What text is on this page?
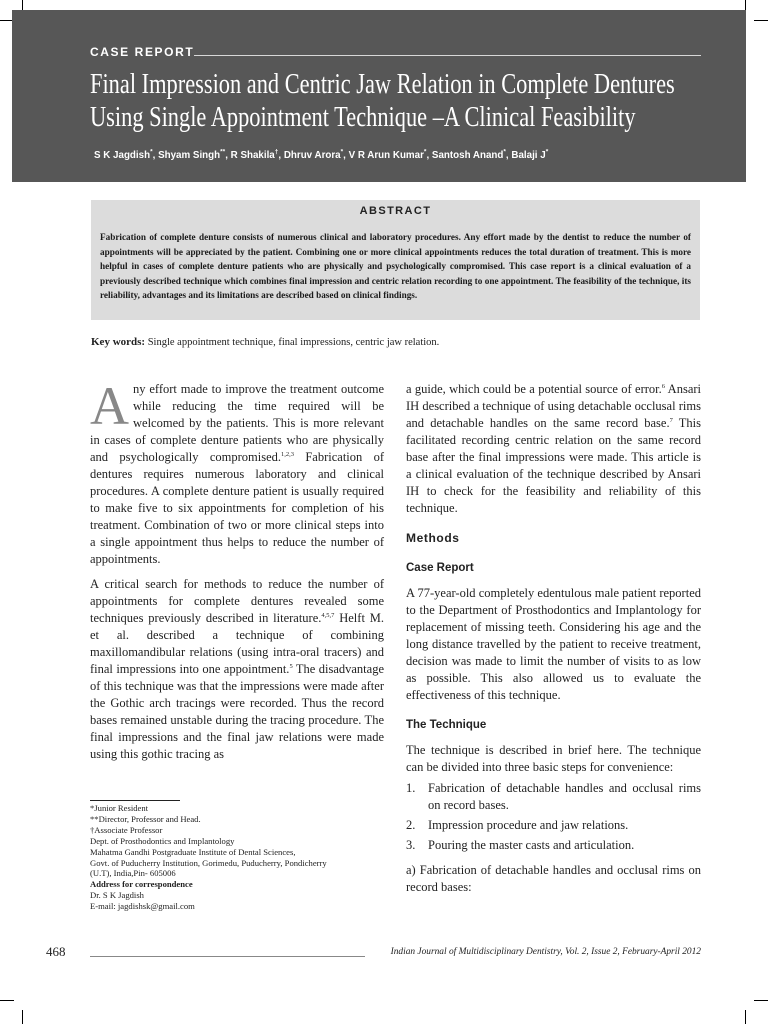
CASE REPORT
Final Impression and Centric Jaw Relation in Complete Dentures
Using Single Appointment Technique –A Clinical Feasibility
S K Jagdish*, Shyam Singh**, R Shakila†, Dhruv Arora*, V R Arun Kumar*, Santosh Anand*, Balaji J*
ABSTRACT
Fabrication of complete denture consists of numerous clinical and laboratory procedures. Any effort made by the dentist to reduce the number of appointments will be appreciated by the patient. Combining one or more clinical appointments reduces the total duration of treatment. This is more helpful in cases of complete denture patients who are physically and psychologically compromised. This case report is a clinical evaluation of a previously described technique which combines final impression and centric relation recording to one appointment. The feasibility of the technique, its reliability, advantages and its limitations are described based on clinical findings.
Key words: Single appointment technique, final impressions, centric jaw relation.

Any effort made to improve the treatment outcome while reducing the time required will be welcomed by the patients. This is more relevant in cases of complete denture patients who are physically and psychologically compromised.$^{1,2,3}$ Fabrication of dentures requires numerous laboratory and clinical procedures. A complete denture patient is usually required to make five to six appointments for completion of his treatment. Combination of two or more clinical steps into a single appointment thus helps to reduce the number of appointments.

A critical search for methods to reduce the number of appointments for complete dentures revealed some techniques previously described in literature.$^{4,5,7}$ Helft M. et al. described a technique of combining maxillomandibular relations (using intra-oral tracers) and final impressions into one appointment.$^5$ The disadvantage of this technique was that the impressions were made after the Gothic arch tracings were recorded. Thus the record bases remained unstable during the tracing procedure. The final impressions and the final jaw relations were made using this gothic tracing as

a guide, which could be a potential source of error.$^6$ Ansari IH described a technique of using detachable occlusal rims and detachable handles on the same record base.$^7$ This facilitated recording centric relation on the same record base after the final impressions were made. This article is a clinical evaluation of the technique described by Ansari IH to check for the feasibility and reliability of this technique.

Methods
Case Report

A 77-year-old completely edentulous male patient reported to the Department of Prosthodontics and Implantology for replacement of missing teeth. Considering his age and the long distance travelled by the patient to receive treatment, decision was made to limit the number of visits to as low as possible. This also allowed us to evaluate the effectiveness of this technique.

The Technique

The technique is described in brief here. The technique can be divided into three basic steps for convenience:

1.	Fabrication of detachable handles and occlusal rims on record bases.
2.	Impression procedure and jaw relations.
3.	Pouring the master casts and articulation.

a) Fabrication of detachable handles and occlusal rims on record bases:

*Junior Resident
**Director, Professor and Head.
†Associate Professor
Dept. of Prosthodontics and Implantology
Mahatma Gandhi Postgraduate Institute of Dental Sciences,
Govt. of Puducherry Institution, Gorimedu, Puducherry, Pondicherry
(U.T), India,Pin- 605006
Address for correspondence
Dr. S K Jagdish
E-mail: jagdishsk@gmail.com
468	Indian Journal of Multidisciplinary Dentistry, Vol. 2, Issue 2, February-April 2012
